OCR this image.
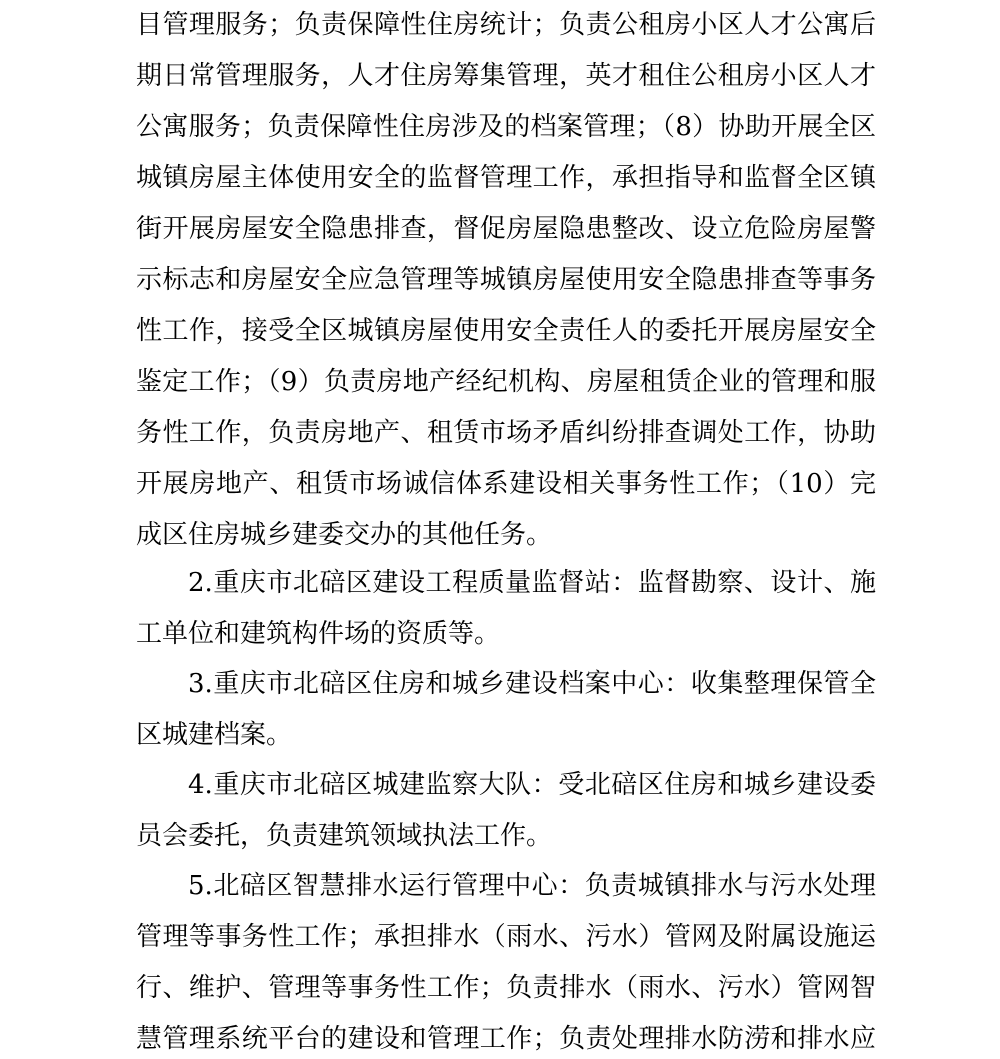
目管理服务；负责保障性住房统计；负责公租房小区人才公寓后
期日常管理服务，人才住房筹集管理，英才租住公租房小区人才
公寓服务；负责保障性住房涉及的档案管理；（8）协助开展全区
城镇房屋主体使用安全的监督管理工作，承担指导和监督全区镇
街开展房屋安全隐患排查，督促房屋隐患整改、设立危险房屋警
示标志和房屋安全应急管理等城镇房屋使用安全隐患排查等事务
性工作，接受全区城镇房屋使用安全责任人的委托开展房屋安全
鉴定工作；（9）负责房地产经纪机构、房屋租赁企业的管理和服
务性工作，负责房地产、租赁市场矛盾纠纷排查调处工作，协助
开展房地产、租赁市场诚信体系建设相关事务性工作；（10）完
成区住房城乡建委交办的其他任务。
2.重庆市北碚区建设工程质量监督站：监督勘察、设计、施
工单位和建筑构件场的资质等。
3.重庆市北碚区住房和城乡建设档案中心：收集整理保管全
区城建档案。
4.重庆市北碚区城建监察大队：受北碚区住房和城乡建设委
员会委托，负责建筑领域执法工作。
5.北碚区智慧排水运行管理中心：负责城镇排水与污水处理
管理等事务性工作；承担排水（雨水、污水）管网及附属设施运
行、维护、管理等事务性工作；负责排水（雨水、污水）管网智
慧管理系统平台的建设和管理工作；负责处理排水防涝和排水应
